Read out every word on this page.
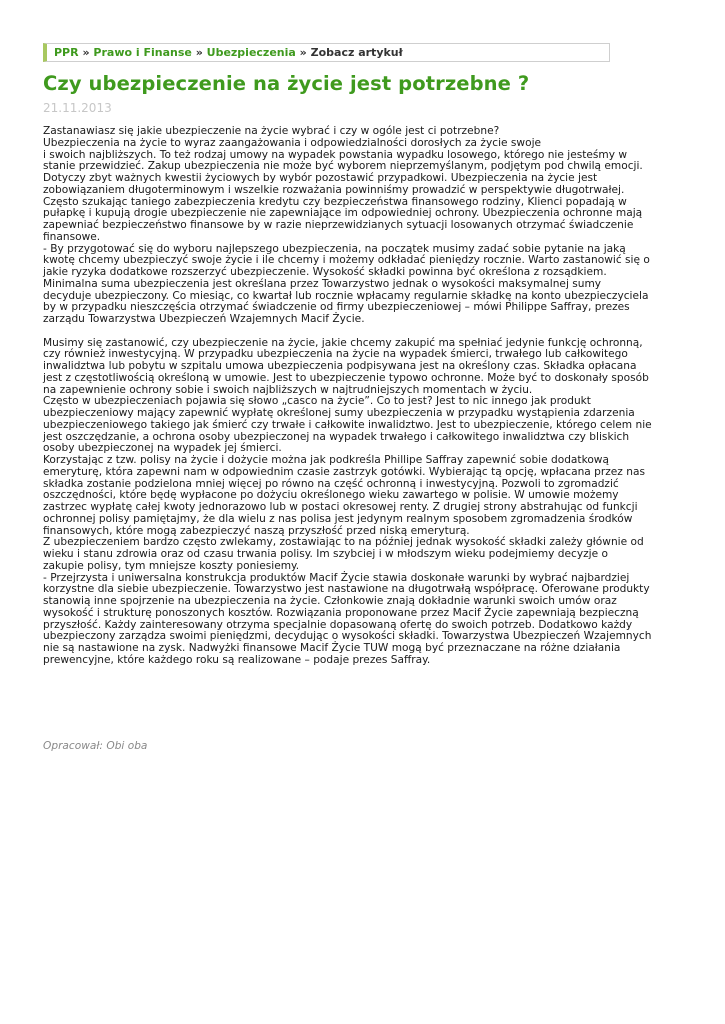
PPR » Prawo i Finanse » Ubezpieczenia » Zobacz artykuł
Czy ubezpieczenie na życie jest potrzebne ?
21.11.2013
Zastanawiasz się jakie ubezpieczenie na życie wybrać i czy w ogóle jest ci potrzebne?
Ubezpieczenia na życie to wyraz zaangażowania i odpowiedzialności dorosłych za życie swoje
i swoich najbliższych. To też rodzaj umowy na wypadek powstania wypadku losowego, którego nie jesteśmy w
stanie przewidzieć. Zakup ubezpieczenia nie może być wyborem nieprzemyślanym, podjętym pod chwilą emocji.
Dotyczy zbyt ważnych kwestii życiowych by wybór pozostawić przypadkowi. Ubezpieczenia na życie jest
zobowiązaniem długoterminowym i wszelkie rozważania powinniśmy prowadzić w perspektywie długotrwałej.
Często szukając taniego zabezpieczenia kredytu czy bezpieczeństwa finansowego rodziny, Klienci popadają w
pułapkę i kupują drogie ubezpieczenie nie zapewniające im odpowiedniej ochrony. Ubezpieczenia ochronne mają
zapewniać bezpieczeństwo finansowe by w razie nieprzewidzianych sytuacji losowanych otrzymać świadczenie
finansowe.
- By przygotować się do wyboru najlepszego ubezpieczenia, na początek musimy zadać sobie pytanie na jaką
kwotę chcemy ubezpieczyć swoje życie i ile chcemy i możemy odkładać pieniędzy rocznie. Warto zastanowić się o
jakie ryzyka dodatkowe rozszerzyć ubezpieczenie. Wysokość składki powinna być określona z rozsądkiem.
Minimalna suma ubezpieczenia jest określana przez Towarzystwo jednak o wysokości maksymalnej sumy
decyduje ubezpieczony. Co miesiąc, co kwartał lub rocznie wpłacamy regularnie składkę na konto ubezpieczyciela
by w przypadku nieszczęścia otrzymać świadczenie od firmy ubezpieczeniowej – mówi Philippe Saffray, prezes
zarządu Towarzystwa Ubezpieczeń Wzajemnych Macif Życie.
Musimy się zastanowić, czy ubezpieczenie na życie, jakie chcemy zakupić ma spełniać jedynie funkcję ochronną,
czy również inwestycyjną. W przypadku ubezpieczenia na życie na wypadek śmierci, trwałego lub całkowitego
inwalidztwa lub pobytu w szpitalu umowa ubezpieczenia podpisywana jest na określony czas. Składka opłacana
jest z częstotliwością określoną w umowie. Jest to ubezpieczenie typowo ochronne. Może być to doskonały sposób
na zapewnienie ochrony sobie i swoich najbliższych w najtrudniejszych momentach w życiu.
Często w ubezpieczeniach pojawia się słowo „casco na życie”. Co to jest? Jest to nic innego jak produkt
ubezpieczeniowy mający zapewnić wypłatę określonej sumy ubezpieczenia w przypadku wystąpienia zdarzenia
ubezpieczeniowego takiego jak śmierć czy trwałe i całkowite inwalidztwo. Jest to ubezpieczenie, którego celem nie
jest oszczędzanie, a ochrona osoby ubezpieczonej na wypadek trwałego i całkowitego inwalidztwa czy bliskich
osoby ubezpieczonej na wypadek jej śmierci.
Korzystając z tzw. polisy na życie i dożycie można jak podkreśla Phillipe Saffray zapewnić sobie dodatkową
emeryturę, która zapewni nam w odpowiednim czasie zastrzyk gotówki. Wybierając tą opcję, wpłacana przez nas
składka zostanie podzielona mniej więcej po równo na część ochronną i inwestycyjną. Pozwoli to zgromadzić
oszczędności, które będę wypłacone po dożyciu określonego wieku zawartego w polisie. W umowie możemy
zastrzec wypłatę całej kwoty jednorazowo lub w postaci okresowej renty. Z drugiej strony abstrahując od funkcji
ochronnej polisy pamiętajmy, że dla wielu z nas polisa jest jedynym realnym sposobem zgromadzenia środków
finansowych, które mogą zabezpieczyć naszą przyszłość przed niską emeryturą.
Z ubezpieczeniem bardzo często zwlekamy, zostawiając to na później jednak wysokość składki zależy głównie od
wieku i stanu zdrowia oraz od czasu trwania polisy. Im szybciej i w młodszym wieku podejmiemy decyzje o
zakupie polisy, tym mniejsze koszty poniesiemy.
- Przejrzysta i uniwersalna konstrukcja produktów Macif Życie stawia doskonałe warunki by wybrać najbardziej
korzystne dla siebie ubezpieczenie. Towarzystwo jest nastawione na długotrwałą współpracę. Oferowane produkty
stanowią inne spojrzenie na ubezpieczenia na życie. Członkowie znają dokładnie warunki swoich umów oraz
wysokość i strukturę ponoszonych kosztów. Rozwiązania proponowane przez Macif Życie zapewniają bezpieczną
przyszłość. Każdy zainteresowany otrzyma specjalnie dopasowaną ofertę do swoich potrzeb. Dodatkowo każdy
ubezpieczony zarządza swoimi pieniędzmi, decydując o wysokości składki. Towarzystwa Ubezpieczeń Wzajemnych
nie są nastawione na zysk. Nadwyżki finansowe Macif Życie TUW mogą być przeznaczane na różne działania
prewencyjne, które każdego roku są realizowane – podaje prezes Saffray.
Opracował: Obi oba
